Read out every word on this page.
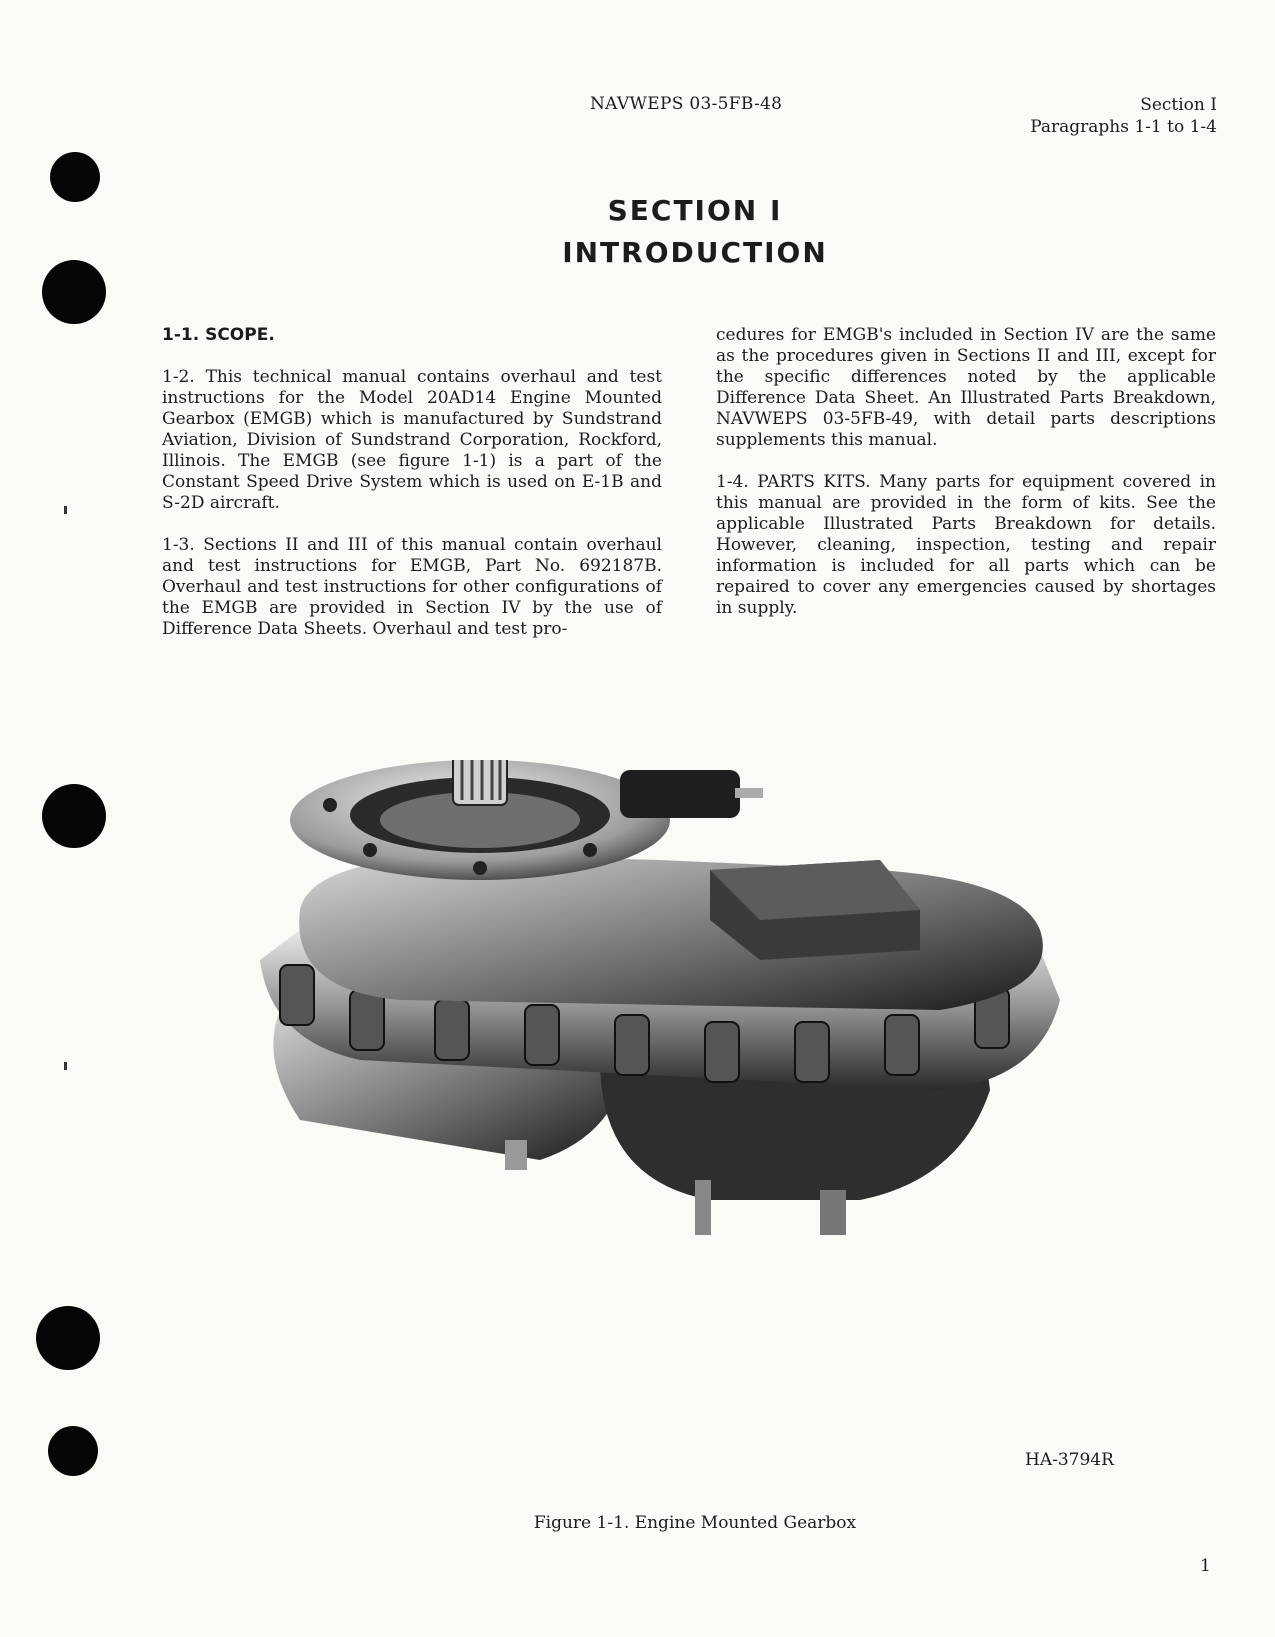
NAVWEPS 03-5FB-48	Section I
Paragraphs 1-1 to 1-4
SECTION I
INTRODUCTION
1-1. SCOPE.

1-2. This technical manual contains overhaul and test instructions for the Model 20AD14 Engine Mounted Gearbox (EMGB) which is manufactured by Sundstrand Aviation, Division of Sundstrand Corporation, Rockford, Illinois. The EMGB (see figure 1-1) is a part of the Constant Speed Drive System which is used on E-1B and S-2D aircraft.

1-3. Sections II and III of this manual contain overhaul and test instructions for EMGB, Part No. 692187B. Overhaul and test instructions for other configurations of the EMGB are provided in Section IV by the use of Difference Data Sheets. Overhaul and test pro-

cedures for EMGB's included in Section IV are the same as the procedures given in Sections II and III, except for the specific differences noted by the applicable Difference Data Sheet. An Illustrated Parts Breakdown, NAVWEPS 03-5FB-49, with detail parts descriptions supplements this manual.

1-4. PARTS KITS. Many parts for equipment covered in this manual are provided in the form of kits. See the applicable Illustrated Parts Breakdown for details. However, cleaning, inspection, testing and repair information is included for all parts which can be repaired to cover any emergencies caused by shortages in supply.

HA-3794R
Figure 1-1. Engine Mounted Gearbox
1
